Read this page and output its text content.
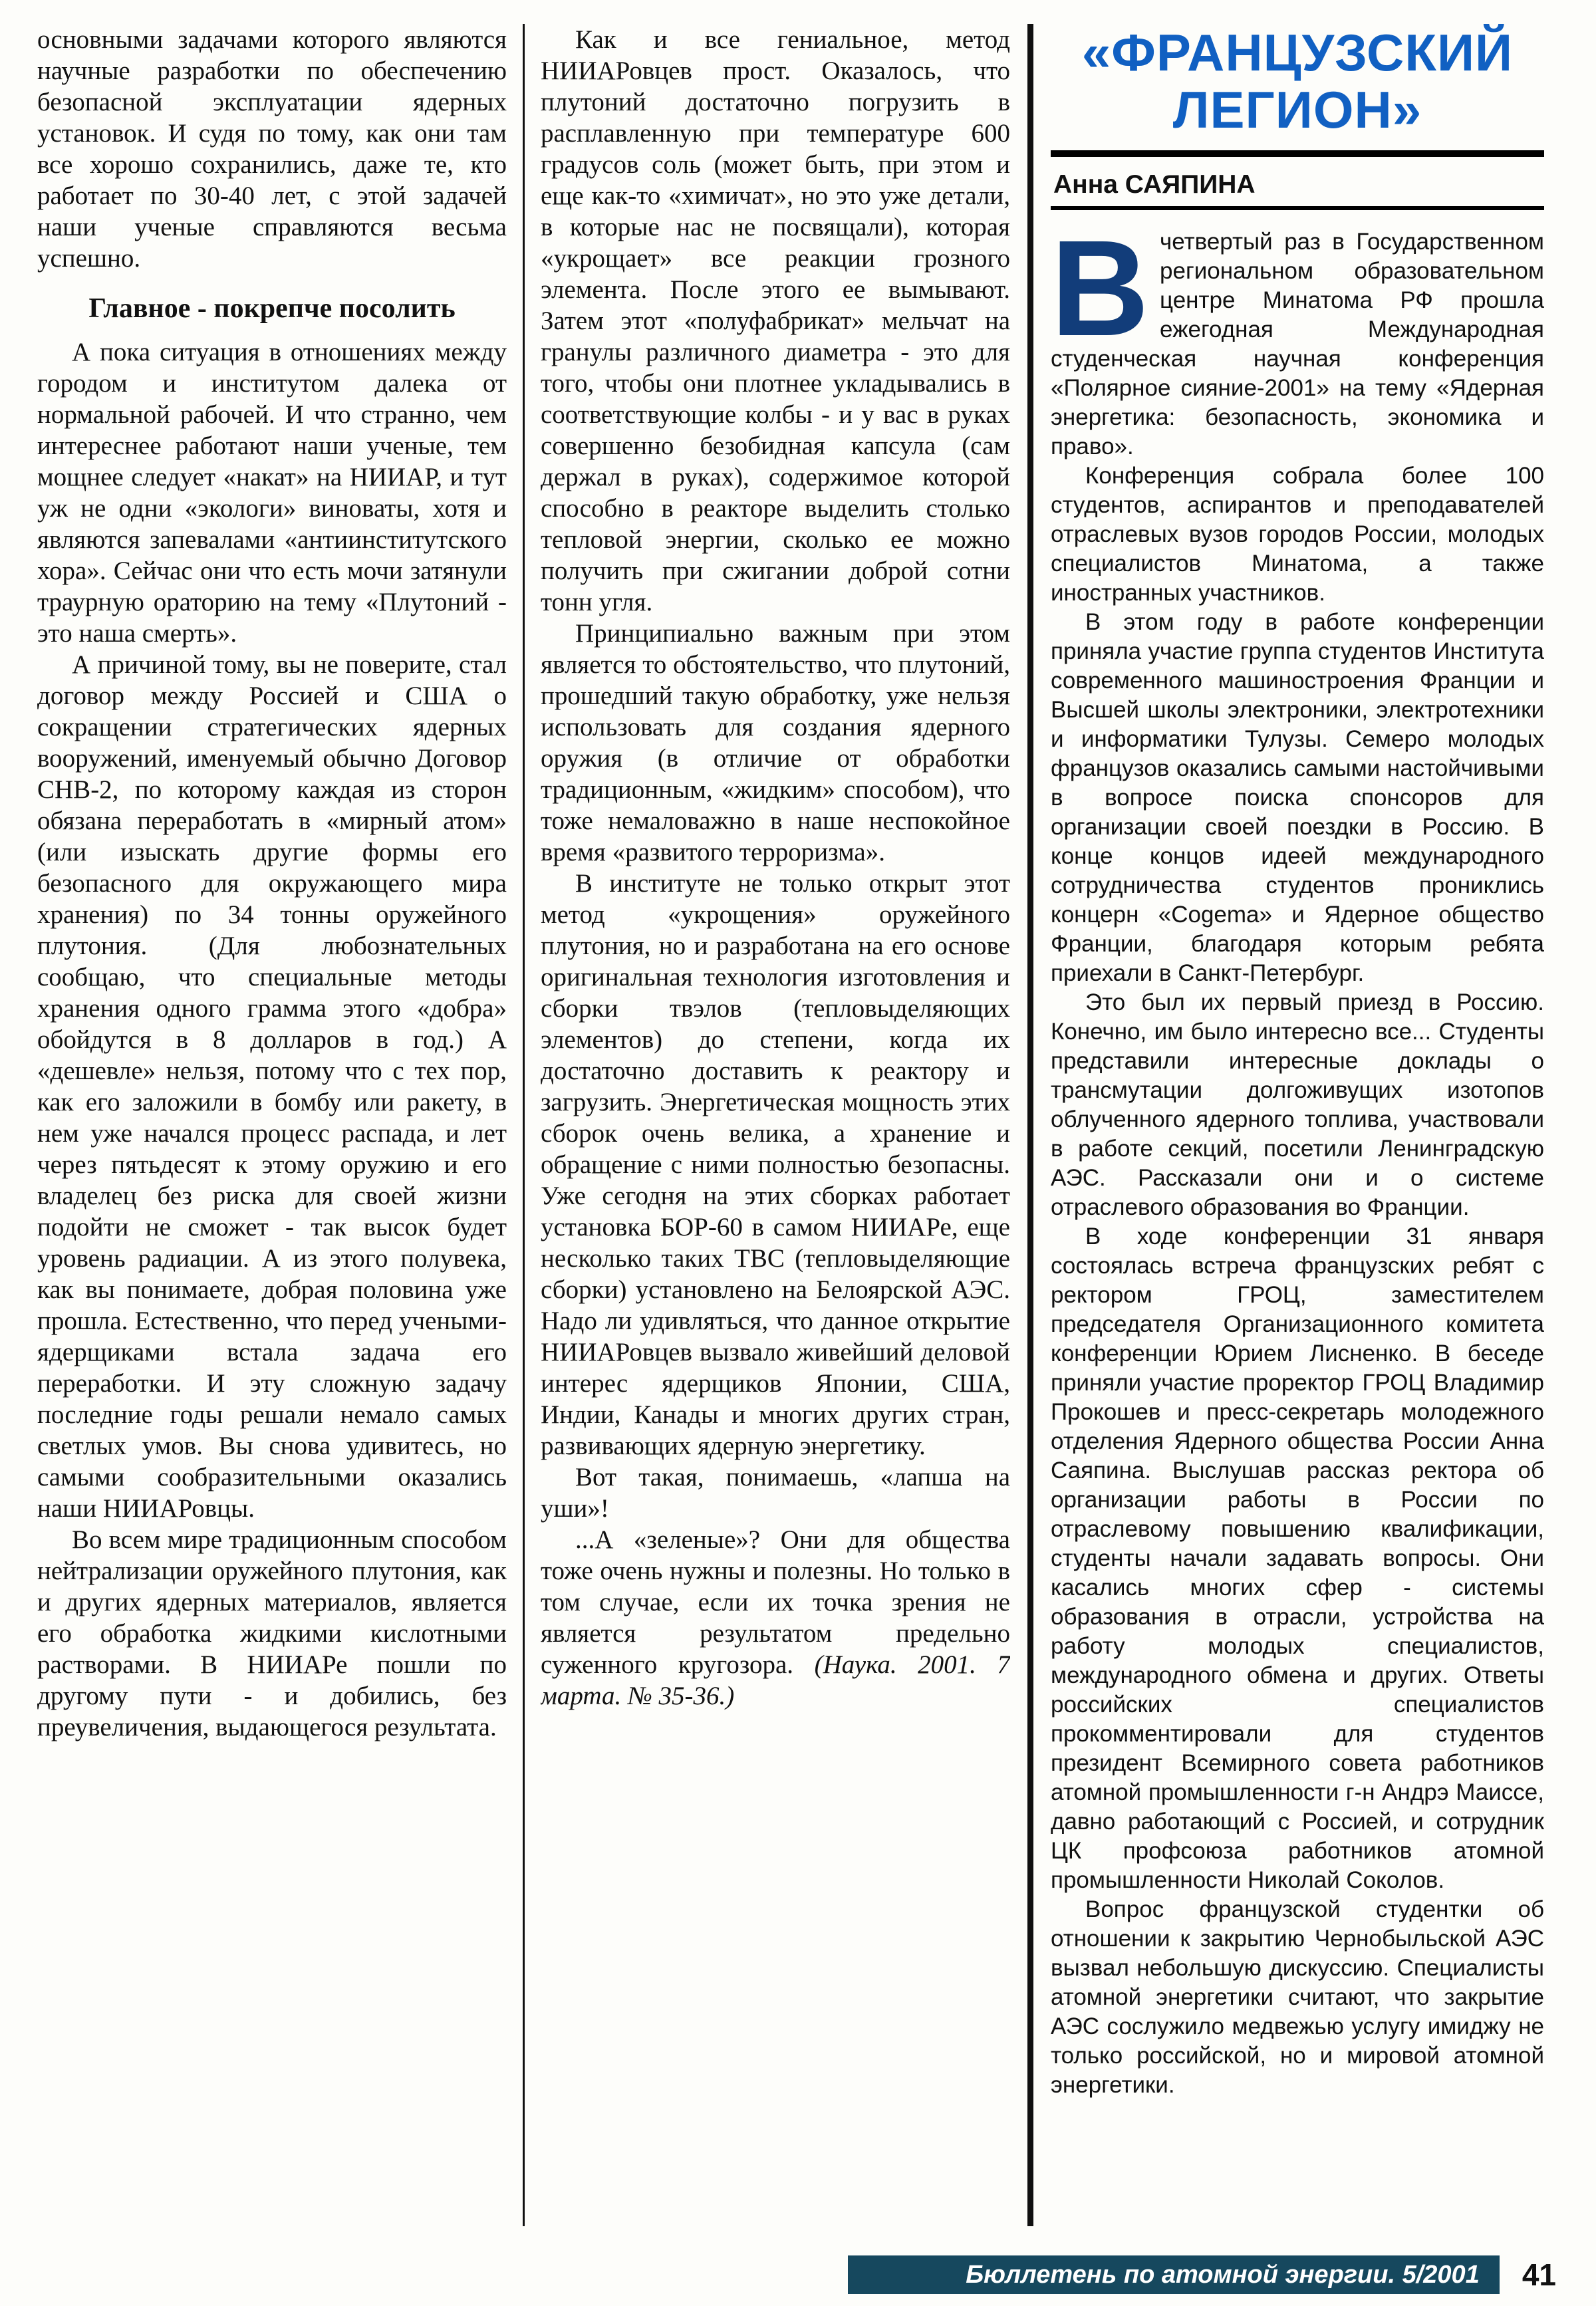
основными задачами которого являются научные разработки по обеспечению безопасной эксплуатации ядерных установок. И судя по тому, как они там все хорошо сохранились, даже те, кто работает по 30-40 лет, с этой задачей наши ученые справляются весьма успешно.

Главное - покрепче посолить

А пока ситуация в отношениях между городом и институтом далека от нормальной рабочей. И что странно, чем интереснее работают наши ученые, тем мощнее следует «накат» на НИИАР, и тут уж не одни «экологи» виноваты, хотя и являются запевалами «антиинститутского хора». Сейчас они что есть мочи затянули траурную ораторию на тему «Плутоний - это наша смерть».

А причиной тому, вы не поверите, стал договор между Россией и США о сокращении стратегических ядерных вооружений, именуемый обычно Договор СНВ-2, по которому каждая из сторон обязана переработать в «мирный атом» (или изыскать другие формы его безопасного для окружающего мира хранения) по 34 тонны оружейного плутония. (Для любознательных сообщаю, что специальные методы хранения одного грамма этого «добра» обойдутся в 8 долларов в год.) А «дешевле» нельзя, потому что с тех пор, как его заложили в бомбу или ракету, в нем уже начался процесс распада, и лет через пятьдесят к этому оружию и его владелец без риска для своей жизни подойти не сможет - так высок будет уровень радиации. А из этого полувека, как вы понимаете, добрая половина уже прошла. Естественно, что перед учеными-ядерщиками встала задача его переработки. И эту сложную задачу последние годы решали немало самых светлых умов. Вы снова удивитесь, но самыми сообразительными оказались наши НИИАРовцы.

Во всем мире традиционным способом нейтрализации оружейного плутония, как и других ядерных материалов, является его обработка жидкими кислотными растворами. В НИИАРе пошли по другому пути - и добились, без преувеличения, выдающегося результата.

Как и все гениальное, метод НИИАРовцев прост. Оказалось, что плутоний достаточно погрузить в расплавленную при температуре 600 градусов соль (может быть, при этом и еще как-то «химичат», но это уже детали, в которые нас не посвящали), которая «укрощает» все реакции грозного элемента. После этого ее вымывают. Затем этот «полуфабрикат» мельчат на гранулы различного диаметра - это для того, чтобы они плотнее укладывались в соответствующие колбы - и у вас в руках совершенно безобидная капсула (сам держал в руках), содержимое которой способно в реакторе выделить столько тепловой энергии, сколько ее можно получить при сжигании доброй сотни тонн угля.

Принципиально важным при этом является то обстоятельство, что плутоний, прошедший такую обработку, уже нельзя использовать для создания ядерного оружия (в отличие от обработки традиционным, «жидким» способом), что тоже немаловажно в наше неспокойное время «развитого терроризма».

В институте не только открыт этот метод «укрощения» оружейного плутония, но и разработана на его основе оригинальная технология изготовления и сборки твэлов (тепловыделяющих элементов) до степени, когда их достаточно доставить к реактору и загрузить. Энергетическая мощность этих сборок очень велика, а хранение и обращение с ними полностью безопасны. Уже сегодня на этих сборках работает установка БОР-60 в самом НИИАРе, еще несколько таких ТВС (тепловыделяющие сборки) установлено на Белоярской АЭС. Надо ли удивляться, что данное открытие НИИАРовцев вызвало живейший деловой интерес ядерщиков Японии, США, Индии, Канады и многих других стран, развивающих ядерную энергетику.

Вот такая, понимаешь, «лапша на уши»!

...А «зеленые»? Они для общества тоже очень нужны и полезны. Но только в том случае, если их точка зрения не является результатом предельно суженного кругозора. (Наука. 2001. 7 марта. № 35-36.)

«ФРАНЦУЗСКИЙ ЛЕГИОН»
Анна САЯПИНА

Вчетвертый раз в Государственном региональном образовательном центре Минатома РФ прошла ежегодная Международная студенческая научная конференция «Полярное сияние-2001» на тему «Ядерная энергетика: безопасность, экономика и право».

Конференция собрала более 100 студентов, аспирантов и преподавателей отраслевых вузов городов России, молодых специалистов Минатома, а также иностранных участников.

В этом году в работе конференции приняла участие группа студентов Института современного машиностроения Франции и Высшей школы электроники, электротехники и информатики Тулузы. Семеро молодых французов оказались самыми настойчивыми в вопросе поиска спонсоров для организации своей поездки в Россию. В конце концов идеей международного сотрудничества студентов прониклись концерн «Cogema» и Ядерное общество Франции, благодаря которым ребята приехали в Санкт-Петербург.

Это был их первый приезд в Россию. Конечно, им было интересно все... Студенты представили интересные доклады о трансмутации долгоживущих изотопов облученного ядерного топлива, участвовали в работе секций, посетили Ленинградскую АЭС. Рассказали они и о системе отраслевого образования во Франции.

В ходе конференции 31 января состоялась встреча французских ребят с ректором ГРОЦ, заместителем председателя Организационного комитета конференции Юрием Лисненко. В беседе приняли участие проректор ГРОЦ Владимир Прокошев и пресс-секретарь молодежного отделения Ядерного общества России Анна Саяпина. Выслушав рассказ ректора об организации работы в России по отраслевому повышению квалификации, студенты начали задавать вопросы. Они касались многих сфер - системы образования в отрасли, устройства на работу молодых специалистов, международного обмена и других. Ответы российских специалистов прокомментировали для студентов президент Всемирного совета работников атомной промышленности г-н Андрэ Маиссе, давно работающий с Россией, и сотрудник ЦК профсоюза работников атомной промышленности Николай Соколов.

Вопрос французской студентки об отношении к закрытию Чернобыльской АЭС вызвал небольшую дискуссию. Специалисты атомной энергетики считают, что закрытие АЭС сослужило медвежью услугу имиджу не только российской, но и мировой атомной энергетики.

Бюллетень по атомной энергии. 5/2001	41
